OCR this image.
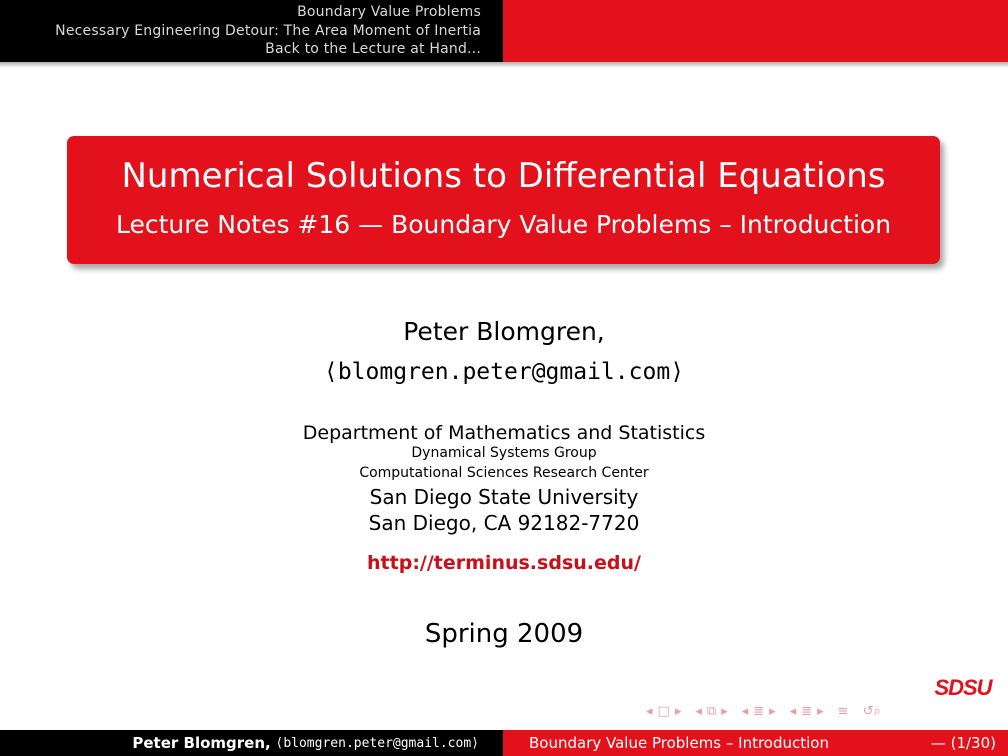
Boundary Value Problems
Necessary Engineering Detour: The Area Moment of Inertia
Back to the Lecture at Hand...
Numerical Solutions to Differential Equations
Lecture Notes #16 — Boundary Value Problems – Introduction
Peter Blomgren,
⟨blomgren.peter@gmail.com⟩
Department of Mathematics and Statistics
Dynamical Systems Group
Computational Sciences Research Center
San Diego State University
San Diego, CA 92182-7720
http://terminus.sdsu.edu/
Spring 2009
SDSU
◂ □ ▸ ◂ ⧉ ▸ ◂ ≣ ▸ ◂ ≣ ▸ ≡ ↺⌕
Peter Blomgren,
⟨blomgren.peter@gmail.com⟩	Boundary Value Problems – Introduction	— (1/30)
